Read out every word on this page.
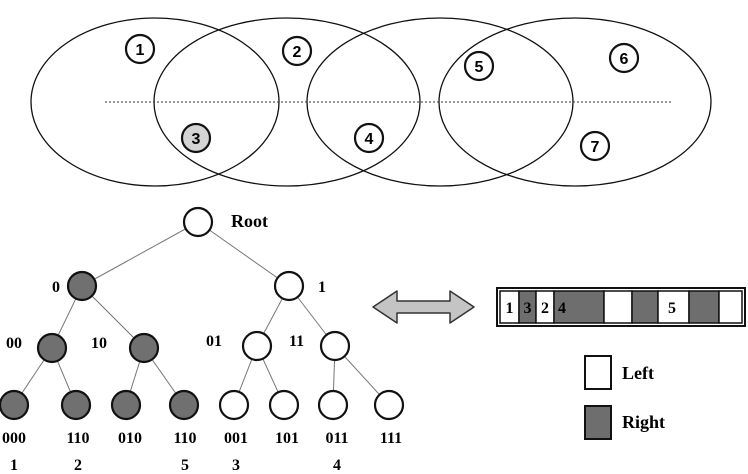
1	2
3	4
5	6
7
Root
0	1
00	10	01	11
000
1
110
2
010 110
5
001
3
101 011
4
111
1 3 2 4	5
Left
Right
